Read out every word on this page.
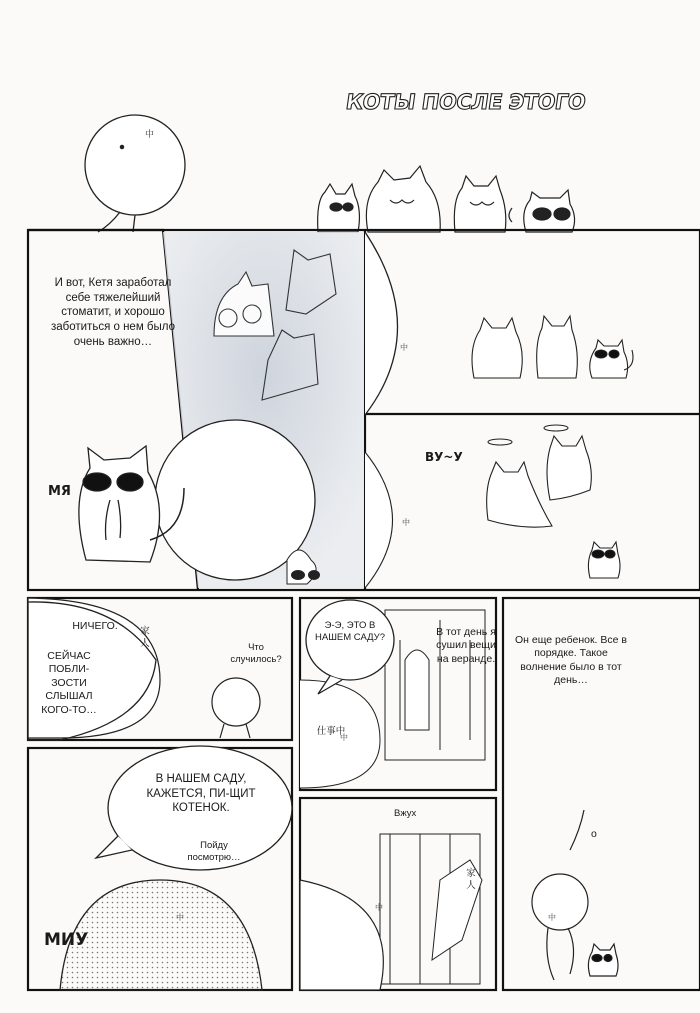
中
中
中
中
中
中
中
КОТЫ ПОСЛЕ ЭТОГО
И вот, Кетя заработал себе тяжелейший стоматит, и хорошо заботиться о нем было очень важно…
МЯ
ВУ~У
НИЧЕГО.
СЕЙЧАС ПОБЛИ-ЗОСТИ СЛЫШАЛ КОГО-ТО…
Что случилось?
家人
Э-Э, ЭТО В НАШЕМ САДУ?	В тот день я сушил вещи на веранде.
仕事中
Он еще ребенок. Все в порядке. Такое волнение было в тот день…
В НАШЕМ САДУ, КАЖЕТСЯ, ПИ-ЩИТ КОТЕНОК.
Пойду посмотрю…
МИУ
Вжух
家人
о
